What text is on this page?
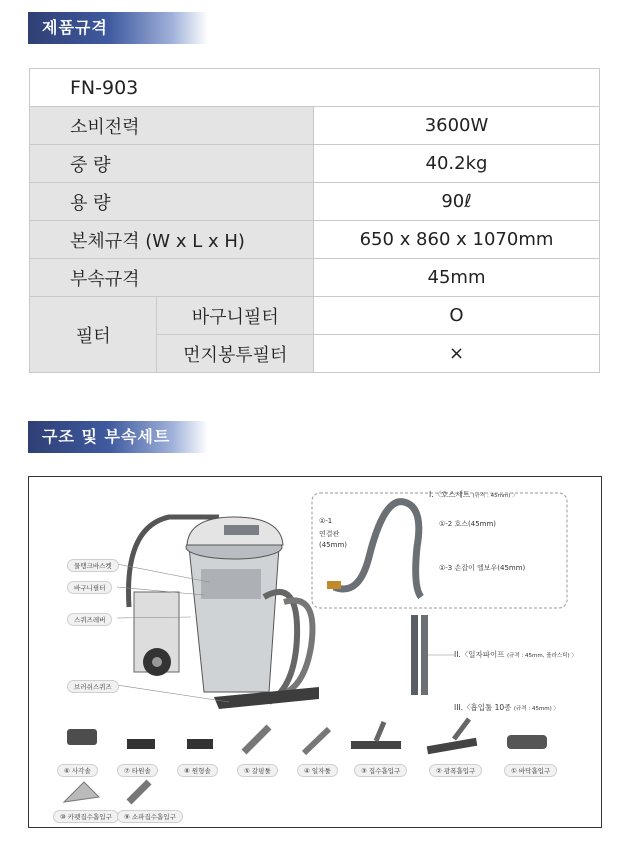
제품규격
FN-903		
소비전력		3600W
중 량		40.2kg
용 량		90ℓ
본체규격 (W x L x H)		650 x 860 x 1070mm
부속규격		45mm
필터	바구니필터	O
	먼지봉투필터	×
구조 및 부속세트
물탱크바스켓
바구니필터
스퀴즈레버
브러쉬스퀴즈
I.〈호스세트 (규격 : 45mm) 〉
①-1
연결관
(45mm)
①-2 호스(45mm)
①-3 손잡이 엘보우(45mm)
II.〈일자파이프 (규격 : 45mm, 플라스틱) 〉
III.〈흡입툴 10종 (규격 : 45mm) 〉
⑥ 사각솔	⑦ 타원솔	⑧ 원형솔	⑤ 갈핑툴	④ 일자툴	③ 집수흡입구	② 광폭흡입구	① 바닥흡입구
⑩ 카펫집수흡입구	⑨ 소파집수흡입구
